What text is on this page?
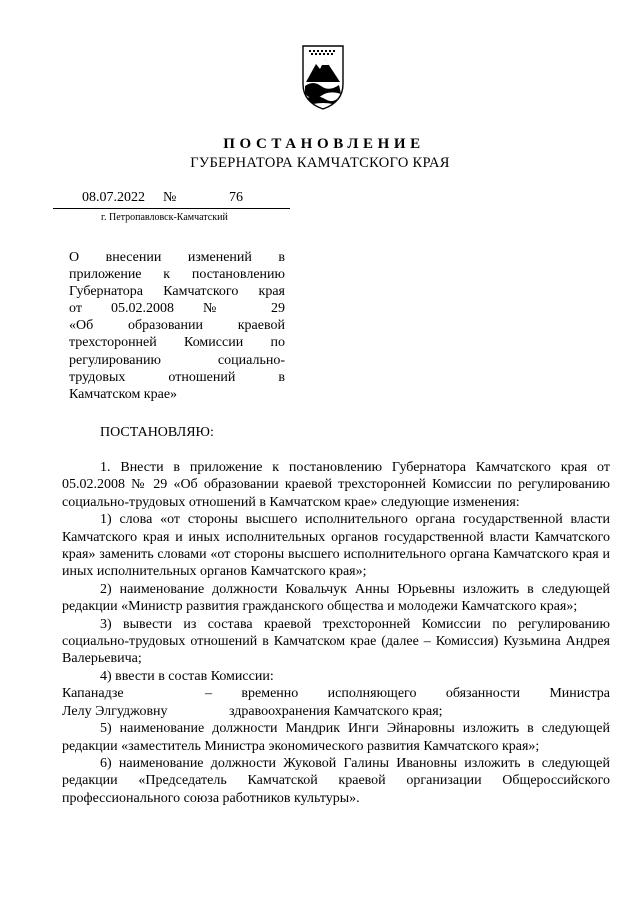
ПОСТАНОВЛЕНИЕ
ГУБЕРНАТОРА КАМЧАТСКОГО КРАЯ
08.07.2022 №	76
г. Петропавловск-Камчатский
О внесении изменений в
приложение к постановлению
Губернатора Камчатского края
от 05.02.2008 № 29
«Об образовании краевой
трехсторонней Комиссии по
регулированию социально-
трудовых отношений в
Камчатском крае»
ПОСТАНОВЛЯЮ:

1. Внести в приложение к постановлению Губернатора Камчатского края от 05.02.2008 № 29 «Об образовании краевой трехсторонней Комиссии по регулированию социально-трудовых отношений в Камчатском крае» следующие изменения:

1) слова «от стороны высшего исполнительного органа государственной власти Камчатского края и иных исполнительных органов государственной власти Камчатского края» заменить словами «от стороны высшего исполнительного органа Камчатского края и иных исполнительных органов Камчатского края»;

2) наименование должности Ковальчук Анны Юрьевны изложить в следующей редакции «Министр развития гражданского общества и молодежи Камчатского края»;

3) вывести из состава краевой трехсторонней Комиссии по регулированию социально-трудовых отношений в Камчатском крае (далее – Комиссия) Кузьмина Андрея Валерьевича;

4) ввести в состав Комиссии:

Капанадзе	– временно исполняющего обязанности Министра
Лелу Элгуджовну	здравоохранения Камчатского края;

5) наименование должности Мандрик Инги Эйнаровны изложить в следующей редакции «заместитель Министра экономического развития Камчатского края»;

6) наименование должности Жуковой Галины Ивановны изложить в следующей редакции «Председатель Камчатской краевой организации Общероссийского профессионального союза работников культуры».
